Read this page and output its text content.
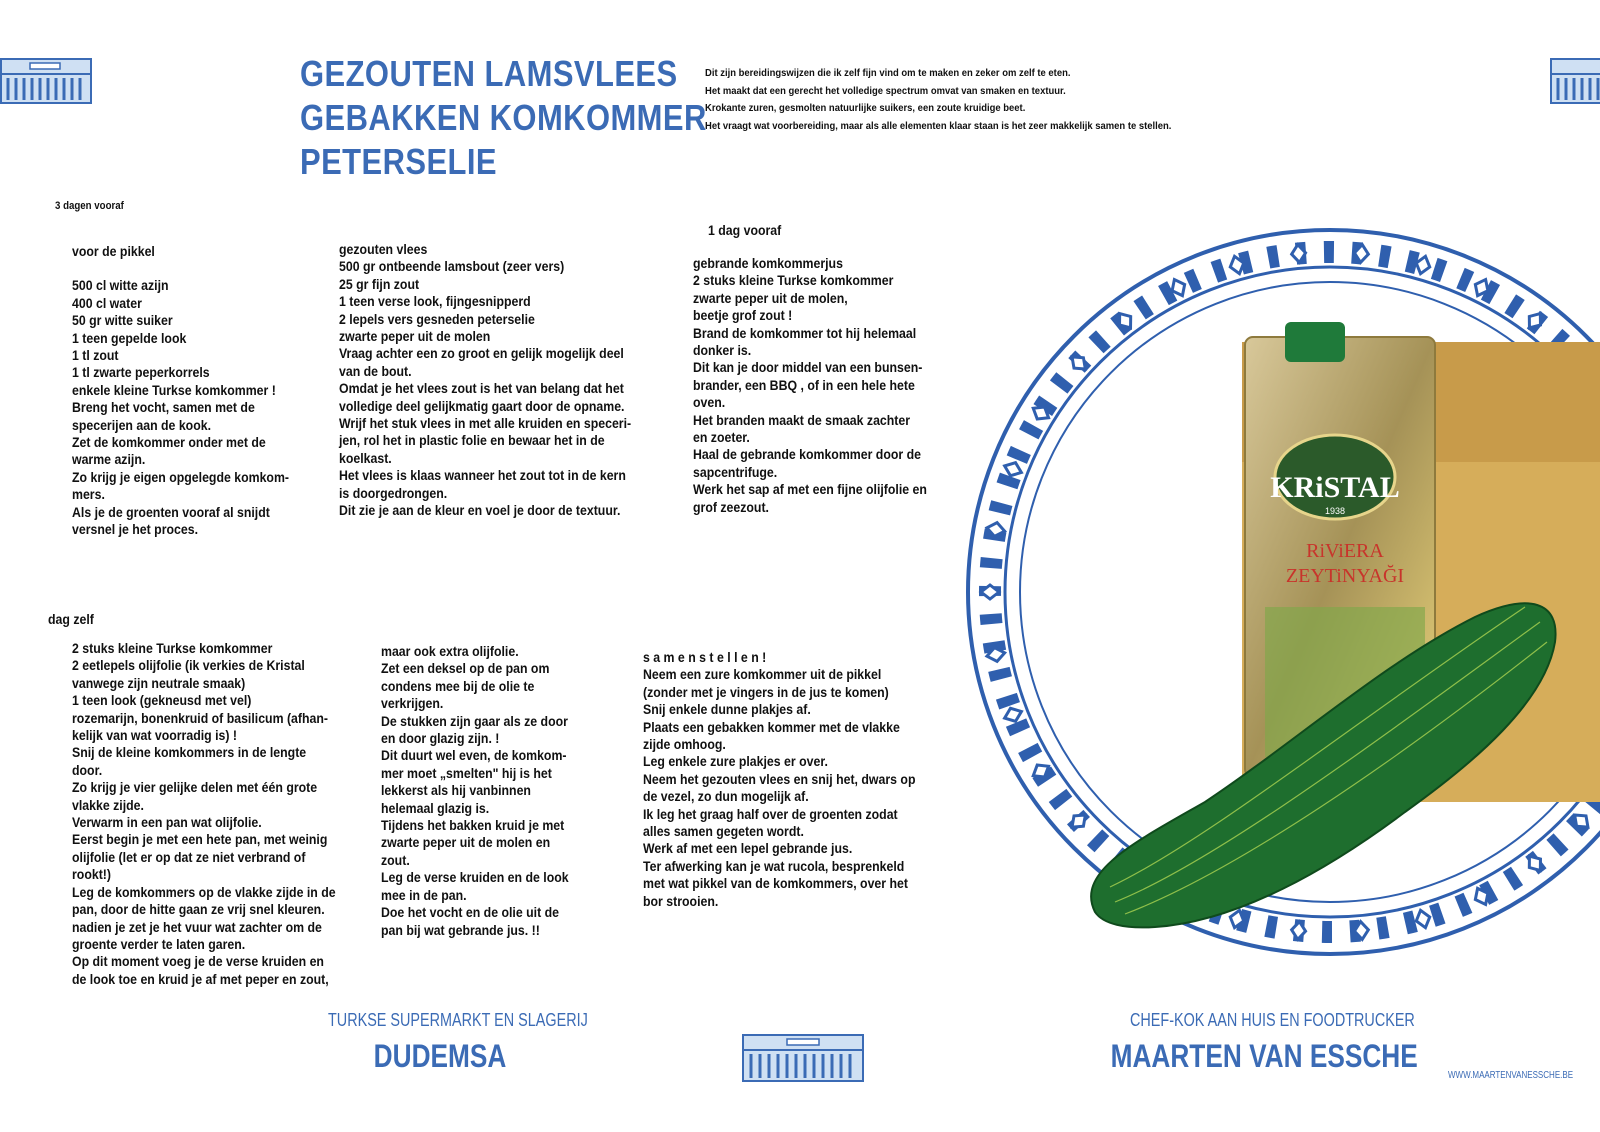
GEZOUTEN LAMSVLEES
GEBAKKEN KOMKOMMER
PETERSELIE
Dit zijn bereidingswijzen die ik zelf fijn vind om te maken en zeker om zelf te eten.
Het maakt dat een gerecht het volledige spectrum omvat van smaken en textuur.
Krokante zuren, gesmolten natuurlijke suikers, een zoute kruidige beet.
Het vraagt wat voorbereiding, maar als alle elementen klaar staan is het zeer makkelijk samen te stellen.
3 dagen vooraf
1 dag vooraf
dag zelf
voor de pikkel
500 cl witte azijn
400 cl water
50 gr witte suiker
1 teen gepelde look
1 tl zout
1 tl zwarte peperkorrels
enkele kleine Turkse komkommer !
Breng het vocht, samen met de
specerijen aan de kook.
Zet de komkommer onder met de
warme azijn.
Zo krijg je eigen opgelegde komkom-
mers.
Als je de groenten vooraf al snijdt
versnel je het proces.
gezouten vlees
500 gr ontbeende lamsbout (zeer vers)
25 gr fijn zout
1 teen verse look, fijngesnipperd
2 lepels vers gesneden peterselie
zwarte peper uit de molen
Vraag achter een zo groot en gelijk mogelijk deel
van de bout.
Omdat je het vlees zout is het van belang dat het
volledige deel gelijkmatig gaart door de opname.
Wrijf het stuk vlees in met alle kruiden en speceri-
jen, rol het in plastic folie en bewaar het in de
koelkast.
Het vlees is klaas wanneer het zout tot in de kern
is doorgedrongen.
Dit zie je aan de kleur en voel je door de textuur.
gebrande komkommerjus
2 stuks kleine Turkse komkommer
zwarte peper uit de molen,
beetje grof zout !
Brand de komkommer tot hij helemaal
donker is.
Dit kan je door middel van een bunsen-
brander, een BBQ , of in een hele hete
oven.
Het branden maakt de smaak zachter
en zoeter.
Haal de gebrande komkommer door de
sapcentrifuge.
Werk het sap af met een fijne olijfolie en
grof zeezout.
2 stuks kleine Turkse komkommer
2 eetlepels olijfolie (ik verkies de Kristal
vanwege zijn neutrale smaak)
1 teen look (gekneusd met vel)
rozemarijn, bonenkruid of basilicum (afhan-
kelijk van wat voorradig is) !
Snij de kleine komkommers in de lengte
door.
Zo krijg je vier gelijke delen met één grote
vlakke zijde.
Verwarm in een pan wat olijfolie.
Eerst begin je met een hete pan, met weinig
olijfolie (let er op dat ze niet verbrand of
rookt!)
Leg de komkommers op de vlakke zijde in de
pan, door de hitte gaan ze vrij snel kleuren.
nadien je zet je het vuur wat zachter om de
groente verder te laten garen.
Op dit moment voeg je de verse kruiden en
de look toe en kruid je af met peper en zout,
maar ook extra olijfolie.
Zet een deksel op de pan om
condens mee bij de olie te
verkrijgen.
De stukken zijn gaar als ze door
en door glazig zijn. !
Dit duurt wel even, de komkom-
mer moet „smelten" hij is het
lekkerst als hij vanbinnen
helemaal glazig is.
Tijdens het bakken kruid je met
zwarte peper uit de molen en
zout.
Leg de verse kruiden en de look
mee in de pan.
Doe het vocht en de olie uit de
pan bij wat gebrande jus. !!
s a m e n s t e l l e n !
Neem een zure komkommer uit de pikkel
(zonder met je vingers in de jus te komen)
Snij enkele dunne plakjes af.
Plaats een gebakken kommer met de vlakke
zijde omhoog.
Leg enkele zure plakjes er over.
Neem het gezouten vlees en snij het, dwars op
de vezel, zo dun mogelijk af.
Ik leg het graag half over de groenten zodat
alles samen gegeten wordt.
Werk af met een lepel gebrande jus.
Ter afwerking kan je wat rucola, besprenkeld
met wat pikkel van de komkommers, over het
bor strooien.
KRiSTAL
1938
RiViERA
ZEYTiNYAĞI
TURKSE SUPERMARKT EN SLAGERIJ
DUDEMSA
CHEF-KOK AAN HUIS EN FOODTRUCKER
MAARTEN VAN ESSCHE
WWW.MAARTENVANESSCHE.BE
